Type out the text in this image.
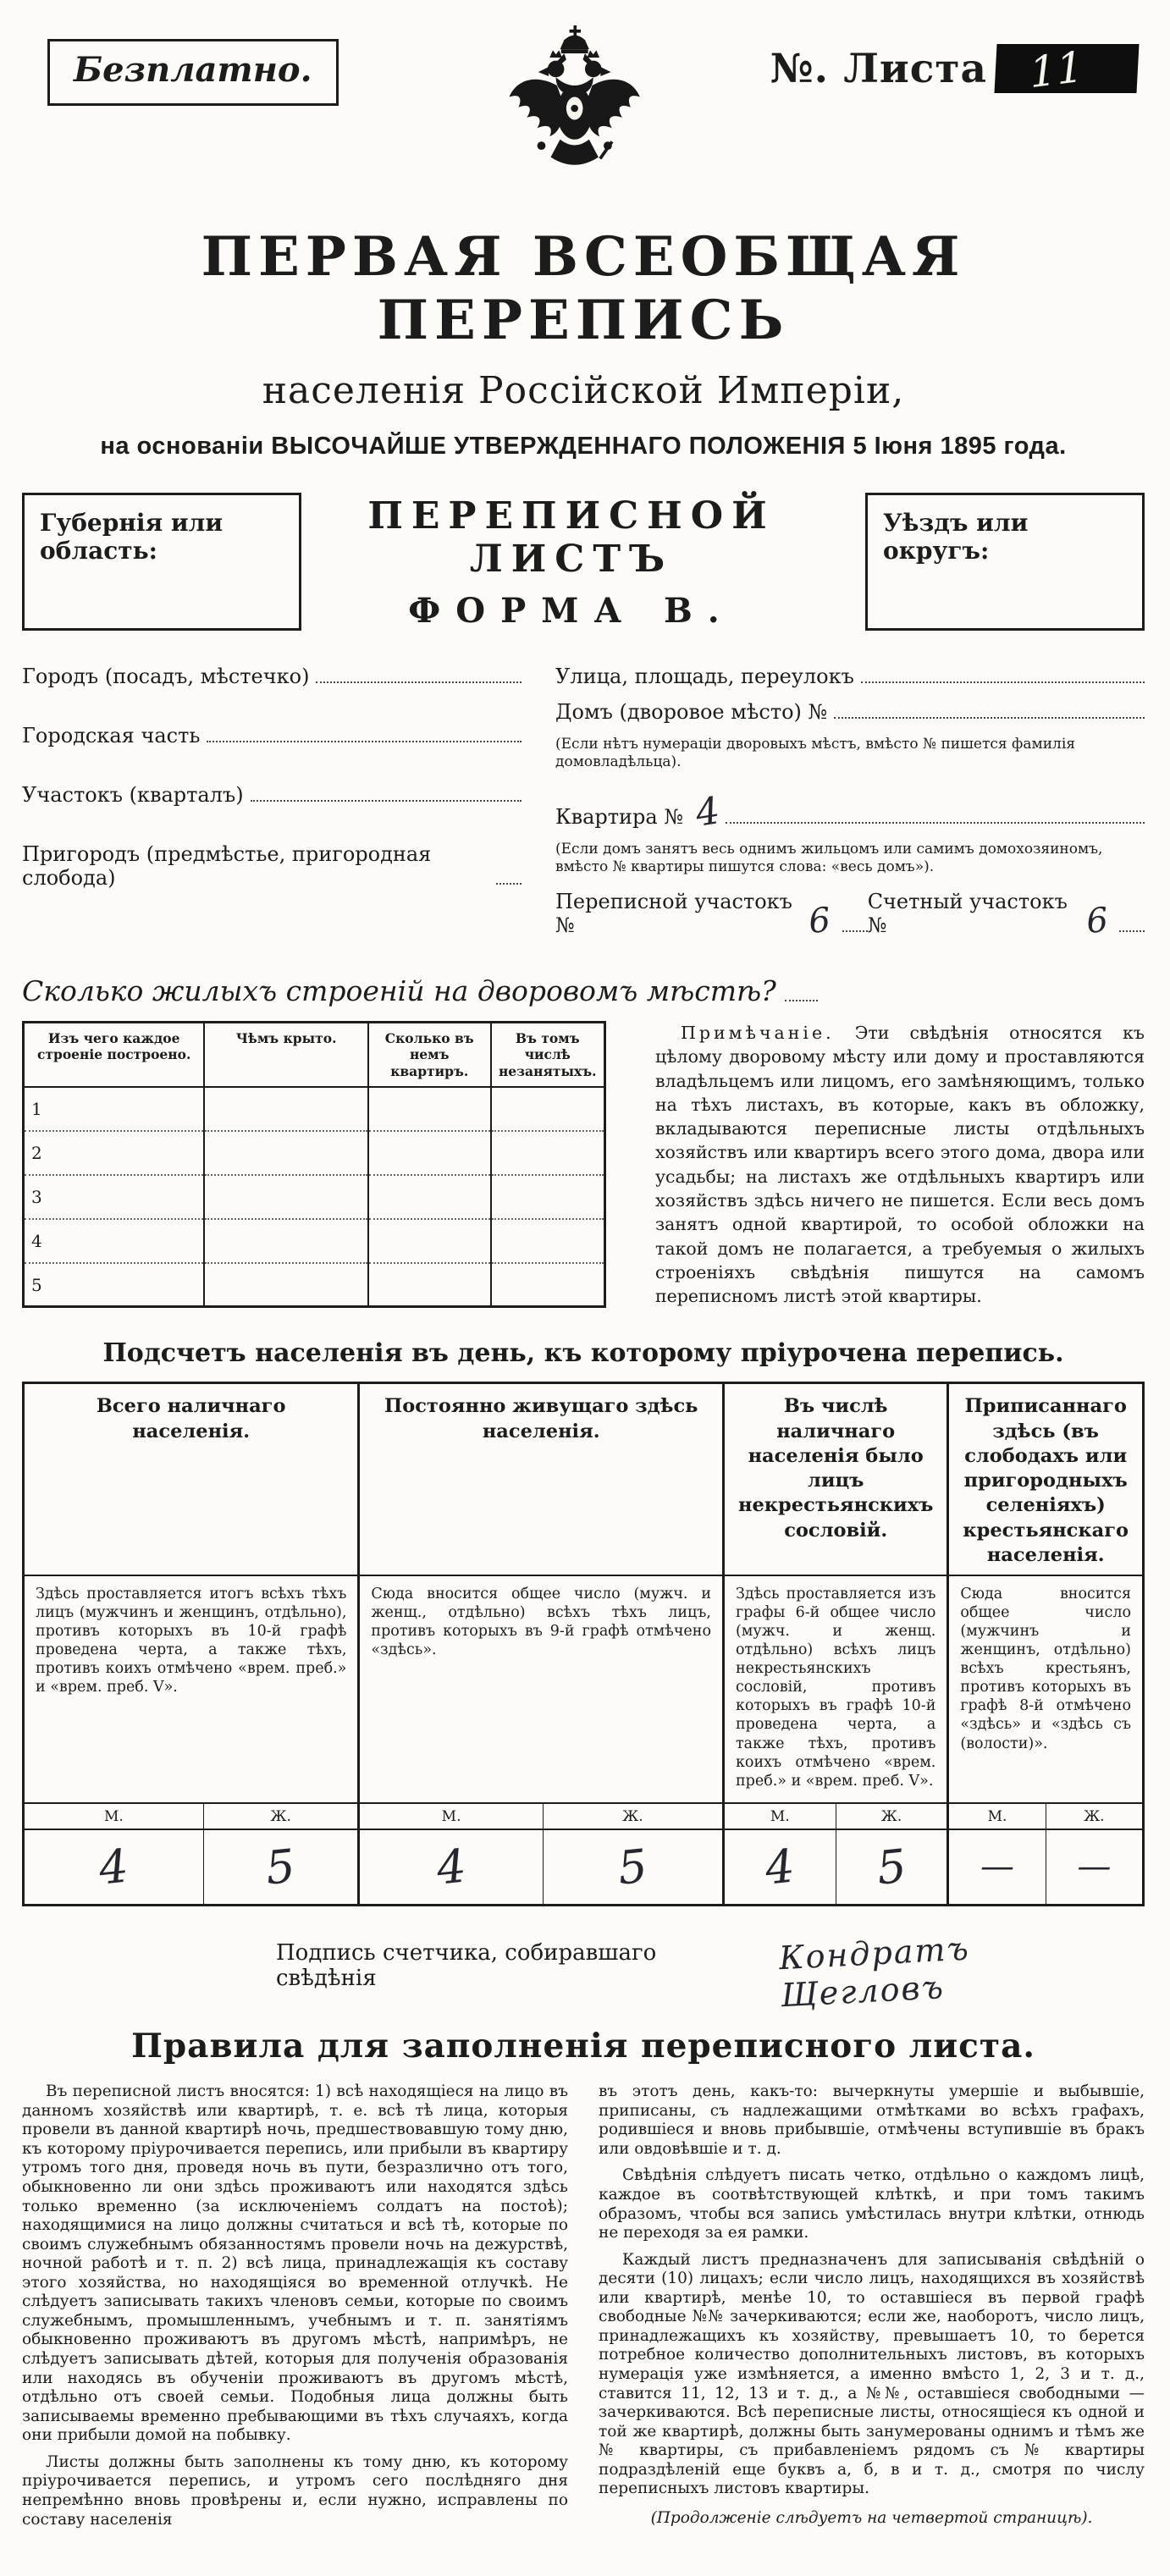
Безплатно.	№. Листа 11
ПЕРВАЯ ВСЕОБЩАЯ ПЕРЕПИСЬ
населенія Россійской Имперіи,
на основаніи ВЫСОЧАЙШЕ УТВЕРЖДЕННАГО ПОЛОЖЕНІЯ 5 Іюня 1895 года.
Губернія или область:
ПЕРЕПИСНОЙ ЛИСТЪ
ФОРМА В.
Уѣздъ или округъ:
Городъ (посадъ, мѣстечко)
Городская часть
Участокъ (кварталъ)
Пригородъ (предмѣстье, пригородная слобода)
Улица, площадь, переулокъ
Домъ (дворовое мѣсто) №
(Если нѣтъ нумераціи дворовыхъ мѣстъ, вмѣсто № пишется фамилія домовладѣльца).
Квартира № 4
(Если домъ занятъ весь однимъ жильцомъ или самимъ домохозяиномъ, вмѣсто № квартиры пишутся слова: «весь домъ»).
Переписной участокъ №	6 Счетный участокъ №	6
Сколько жилыхъ строеній на дворовомъ мѣстѣ?
Изъ чего каждое строеніе построено.	Чѣмъ крыто.	Сколько въ немъ квартиръ.	Въ томъ числѣ незанятыхъ.
1			
2			
3			
4			
5			

Примѣчаніе. Эти свѣдѣнія относятся къ цѣлому дворовому мѣсту или дому и проставляются владѣльцемъ или лицомъ, его замѣняющимъ, только на тѣхъ листахъ, въ которые, какъ въ обложку, вкладываются переписные листы отдѣльныхъ хозяйствъ или квартиръ всего этого дома, двора или усадьбы; на листахъ же отдѣльныхъ квартиръ или хозяйствъ здѣсь ничего не пишется. Если весь домъ занятъ одной квартирой, то особой обложки на такой домъ не полагается, а требуемыя о жилыхъ строеніяхъ свѣдѣнія пишутся на самомъ переписномъ листѣ этой квартиры.

Подсчетъ населенія въ день, къ которому пріурочена перепись.
Всего наличнаго населенія.		Постоянно живущаго здѣсь населенія.		Въ числѣ наличнаго населенія было лицъ некрестьянскихъ сословій.		Приписаннаго здѣсь (въ слободахъ или пригородныхъ селеніяхъ) крестьянскаго населенія.	
Здѣсь проставляется итогъ всѣхъ тѣхъ лицъ (мужчинъ и женщинъ, отдѣльно), противъ которыхъ въ 10-й графѣ проведена черта, а также тѣхъ, противъ коихъ отмѣчено «врем. преб.» и «врем. преб. V».		Сюда вносится общее число (мужч. и женщ., отдѣльно) всѣхъ тѣхъ лицъ, противъ которыхъ въ 9-й графѣ отмѣчено «здѣсь».		Здѣсь проставляется изъ графы 6-й общее число (мужч. и женщ. отдѣльно) всѣхъ лицъ некрестьянскихъ сословій, противъ которыхъ въ графѣ 10-й проведена черта, а также тѣхъ, противъ коихъ отмѣчено «врем. преб.» и «врем. преб. V».		Сюда вносится общее число (мужчинъ и женщинъ, отдѣльно) всѣхъ крестьянъ, противъ которыхъ въ графѣ 8-й отмѣчено «здѣсь» и «здѣсь съ (волости)».	
М.	Ж.	М.	Ж.	М.	Ж.	М.	Ж.
4	5	4	5	4	5	—	—
Подпись счетчика, собиравшаго свѣдѣнія
Кондратъ Щегловъ
Правила для заполненія переписного листа.

Въ переписной листъ вносятся: 1) всѣ находящіеся на лицо въ данномъ хозяйствѣ или квартирѣ, т. е. всѣ тѣ лица, которыя провели въ данной квартирѣ ночь, предшествовавшую тому дню, къ которому пріурочивается перепись, или прибыли въ квартиру утромъ того дня, проведя ночь въ пути, безразлично отъ того, обыкновенно ли они здѣсь проживаютъ или находятся здѣсь только временно (за исключеніемъ солдатъ на постоѣ); находящимися на лицо должны считаться и всѣ тѣ, которые по своимъ служебнымъ обязанностямъ провели ночь на дежурствѣ, ночной работѣ и т. п. 2) всѣ лица, принадлежащія къ составу этого хозяйства, но находящіяся во временной отлучкѣ. Не слѣдуетъ записывать такихъ членовъ семьи, которые по своимъ служебнымъ, промышленнымъ, учебнымъ и т. п. занятіямъ обыкновенно проживаютъ въ другомъ мѣстѣ, напримѣръ, не слѣдуетъ записывать дѣтей, которыя для полученія образованія или находясь въ обученіи проживаютъ въ другомъ мѣстѣ, отдѣльно отъ своей семьи. Подобныя лица должны быть записываемы временно пребывающими въ тѣхъ случаяхъ, когда они прибыли домой на побывку.

Листы должны быть заполнены къ тому дню, къ которому пріурочивается перепись, и утромъ сего послѣдняго дня непремѣнно вновь провѣрены и, если нужно, исправлены по составу населенія

въ этотъ день, какъ-то: вычеркнуты умершіе и выбывшіе, приписаны, съ надлежащими отмѣтками во всѣхъ графахъ, родившіеся и вновь прибывшіе, отмѣчены вступившіе въ бракъ или овдовѣвшіе и т. д.

Свѣдѣнія слѣдуетъ писать четко, отдѣльно о каждомъ лицѣ, каждое въ соотвѣтствующей клѣткѣ, и при томъ такимъ образомъ, чтобы вся запись умѣстилась внутри клѣтки, отнюдь не переходя за ея рамки.

Каждый листъ предназначенъ для записыванія свѣдѣній о десяти (10) лицахъ; если число лицъ, находящихся въ хозяйствѣ или квартирѣ, менѣе 10, то оставшіеся въ первой графѣ свободные №№ зачеркиваются; если же, наоборотъ, число лицъ, принадлежащихъ къ хозяйству, превышаетъ 10, то берется потребное количество дополнительныхъ листовъ, въ которыхъ нумерація уже измѣняется, а именно вмѣсто 1, 2, 3 и т. д., ставится 11, 12, 13 и т. д., а №№, оставшіеся свободными — зачеркиваются. Всѣ переписные листы, относящіеся къ одной и той же квартирѣ, должны быть занумерованы однимъ и тѣмъ же № квартиры, съ прибавленіемъ рядомъ съ № квартиры подраздѣленій еще буквъ а, б, в и т. д., смотря по числу переписныхъ листовъ квартиры.

(Продолженіе слѣдуетъ на четвертой страницѣ).
